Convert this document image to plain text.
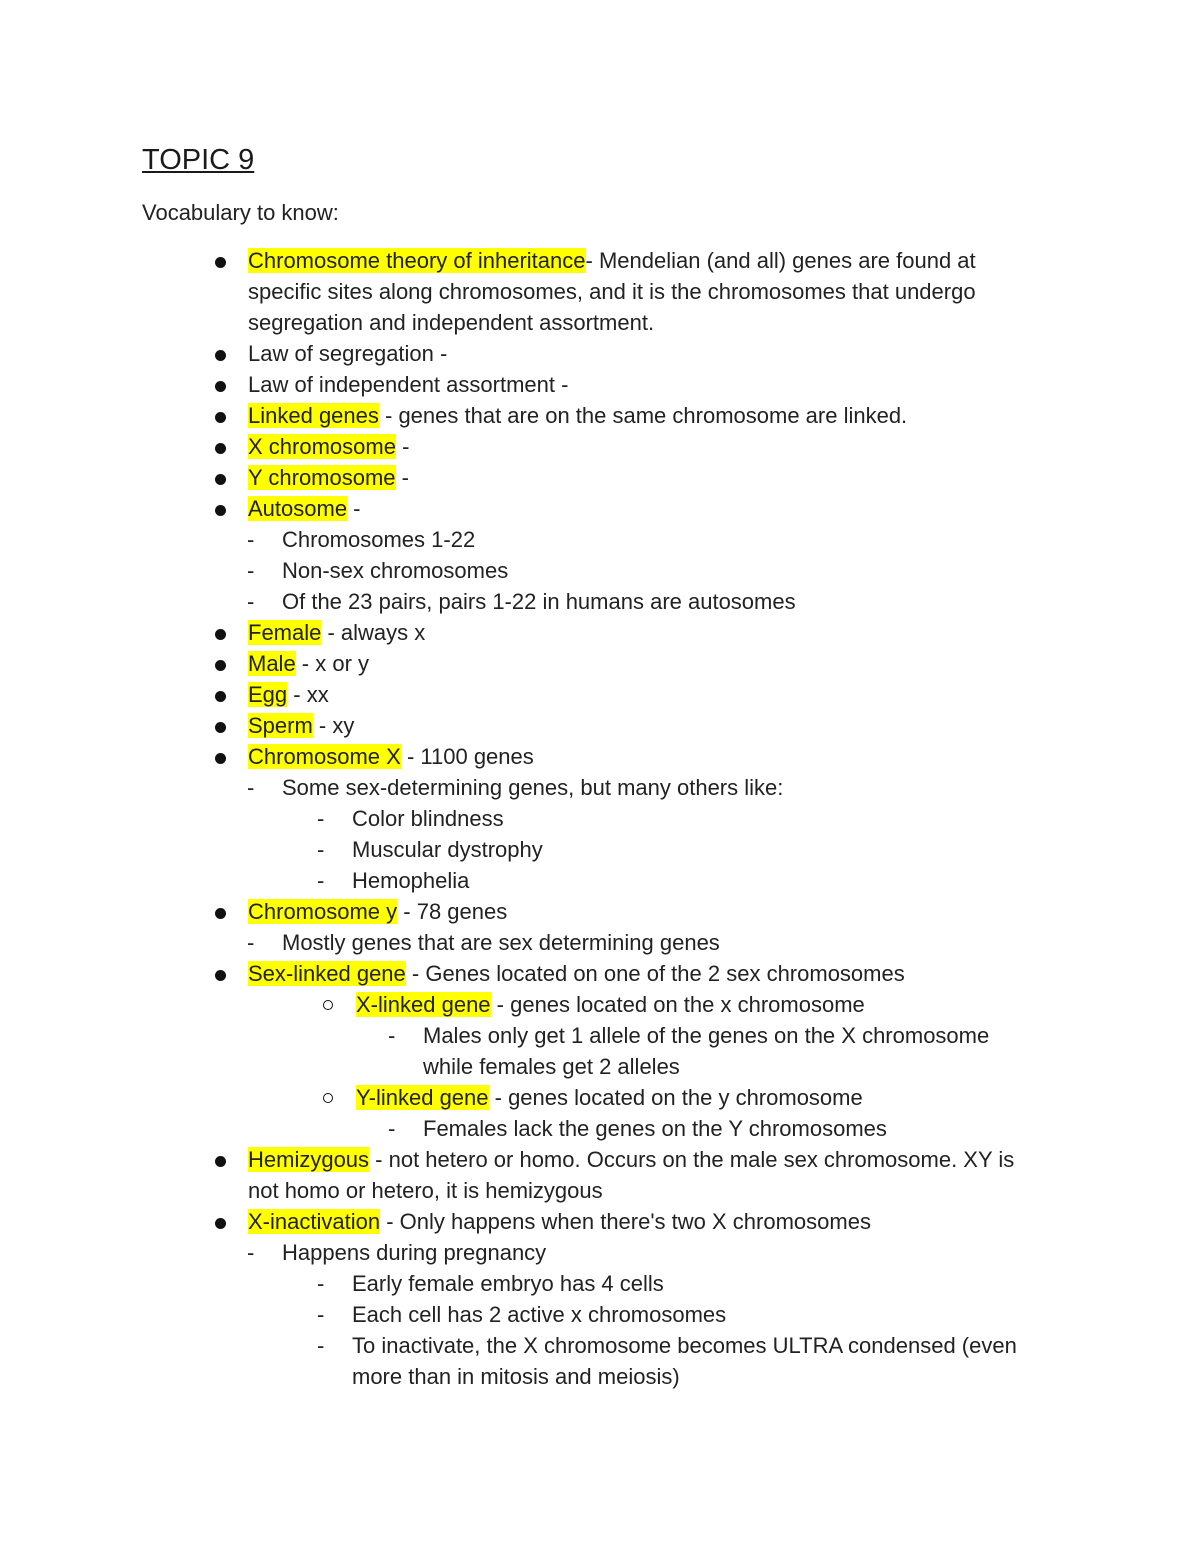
TOPIC 9
Vocabulary to know:
Chromosome theory of inheritance- Mendelian (and all) genes are found at specific sites along chromosomes, and it is the chromosomes that undergo segregation and independent assortment.
Law of segregation -
Law of independent assortment -
Linked genes - genes that are on the same chromosome are linked.
X chromosome -
Y chromosome -
Autosome -
- Chromosomes 1-22
- Non-sex chromosomes
- Of the 23 pairs, pairs 1-22 in humans are autosomes
Female - always x
Male - x or y
Egg - xx
Sperm - xy
Chromosome X - 1100 genes
- Some sex-determining genes, but many others like:
- Color blindness
- Muscular dystrophy
- Hemophelia
Chromosome y - 78 genes
- Mostly genes that are sex determining genes
Sex-linked gene - Genes located on one of the 2 sex chromosomes
X-linked gene - genes located on the x chromosome
- Males only get 1 allele of the genes on the X chromosome while females get 2 alleles
Y-linked gene - genes located on the y chromosome
- Females lack the genes on the Y chromosomes
Hemizygous - not hetero or homo. Occurs on the male sex chromosome. XY is not homo or hetero, it is hemizygous
X-inactivation - Only happens when there's two X chromosomes
- Happens during pregnancy
- Early female embryo has 4 cells
- Each cell has 2 active x chromosomes
- To inactivate, the X chromosome becomes ULTRA condensed (even more than in mitosis and meiosis)
